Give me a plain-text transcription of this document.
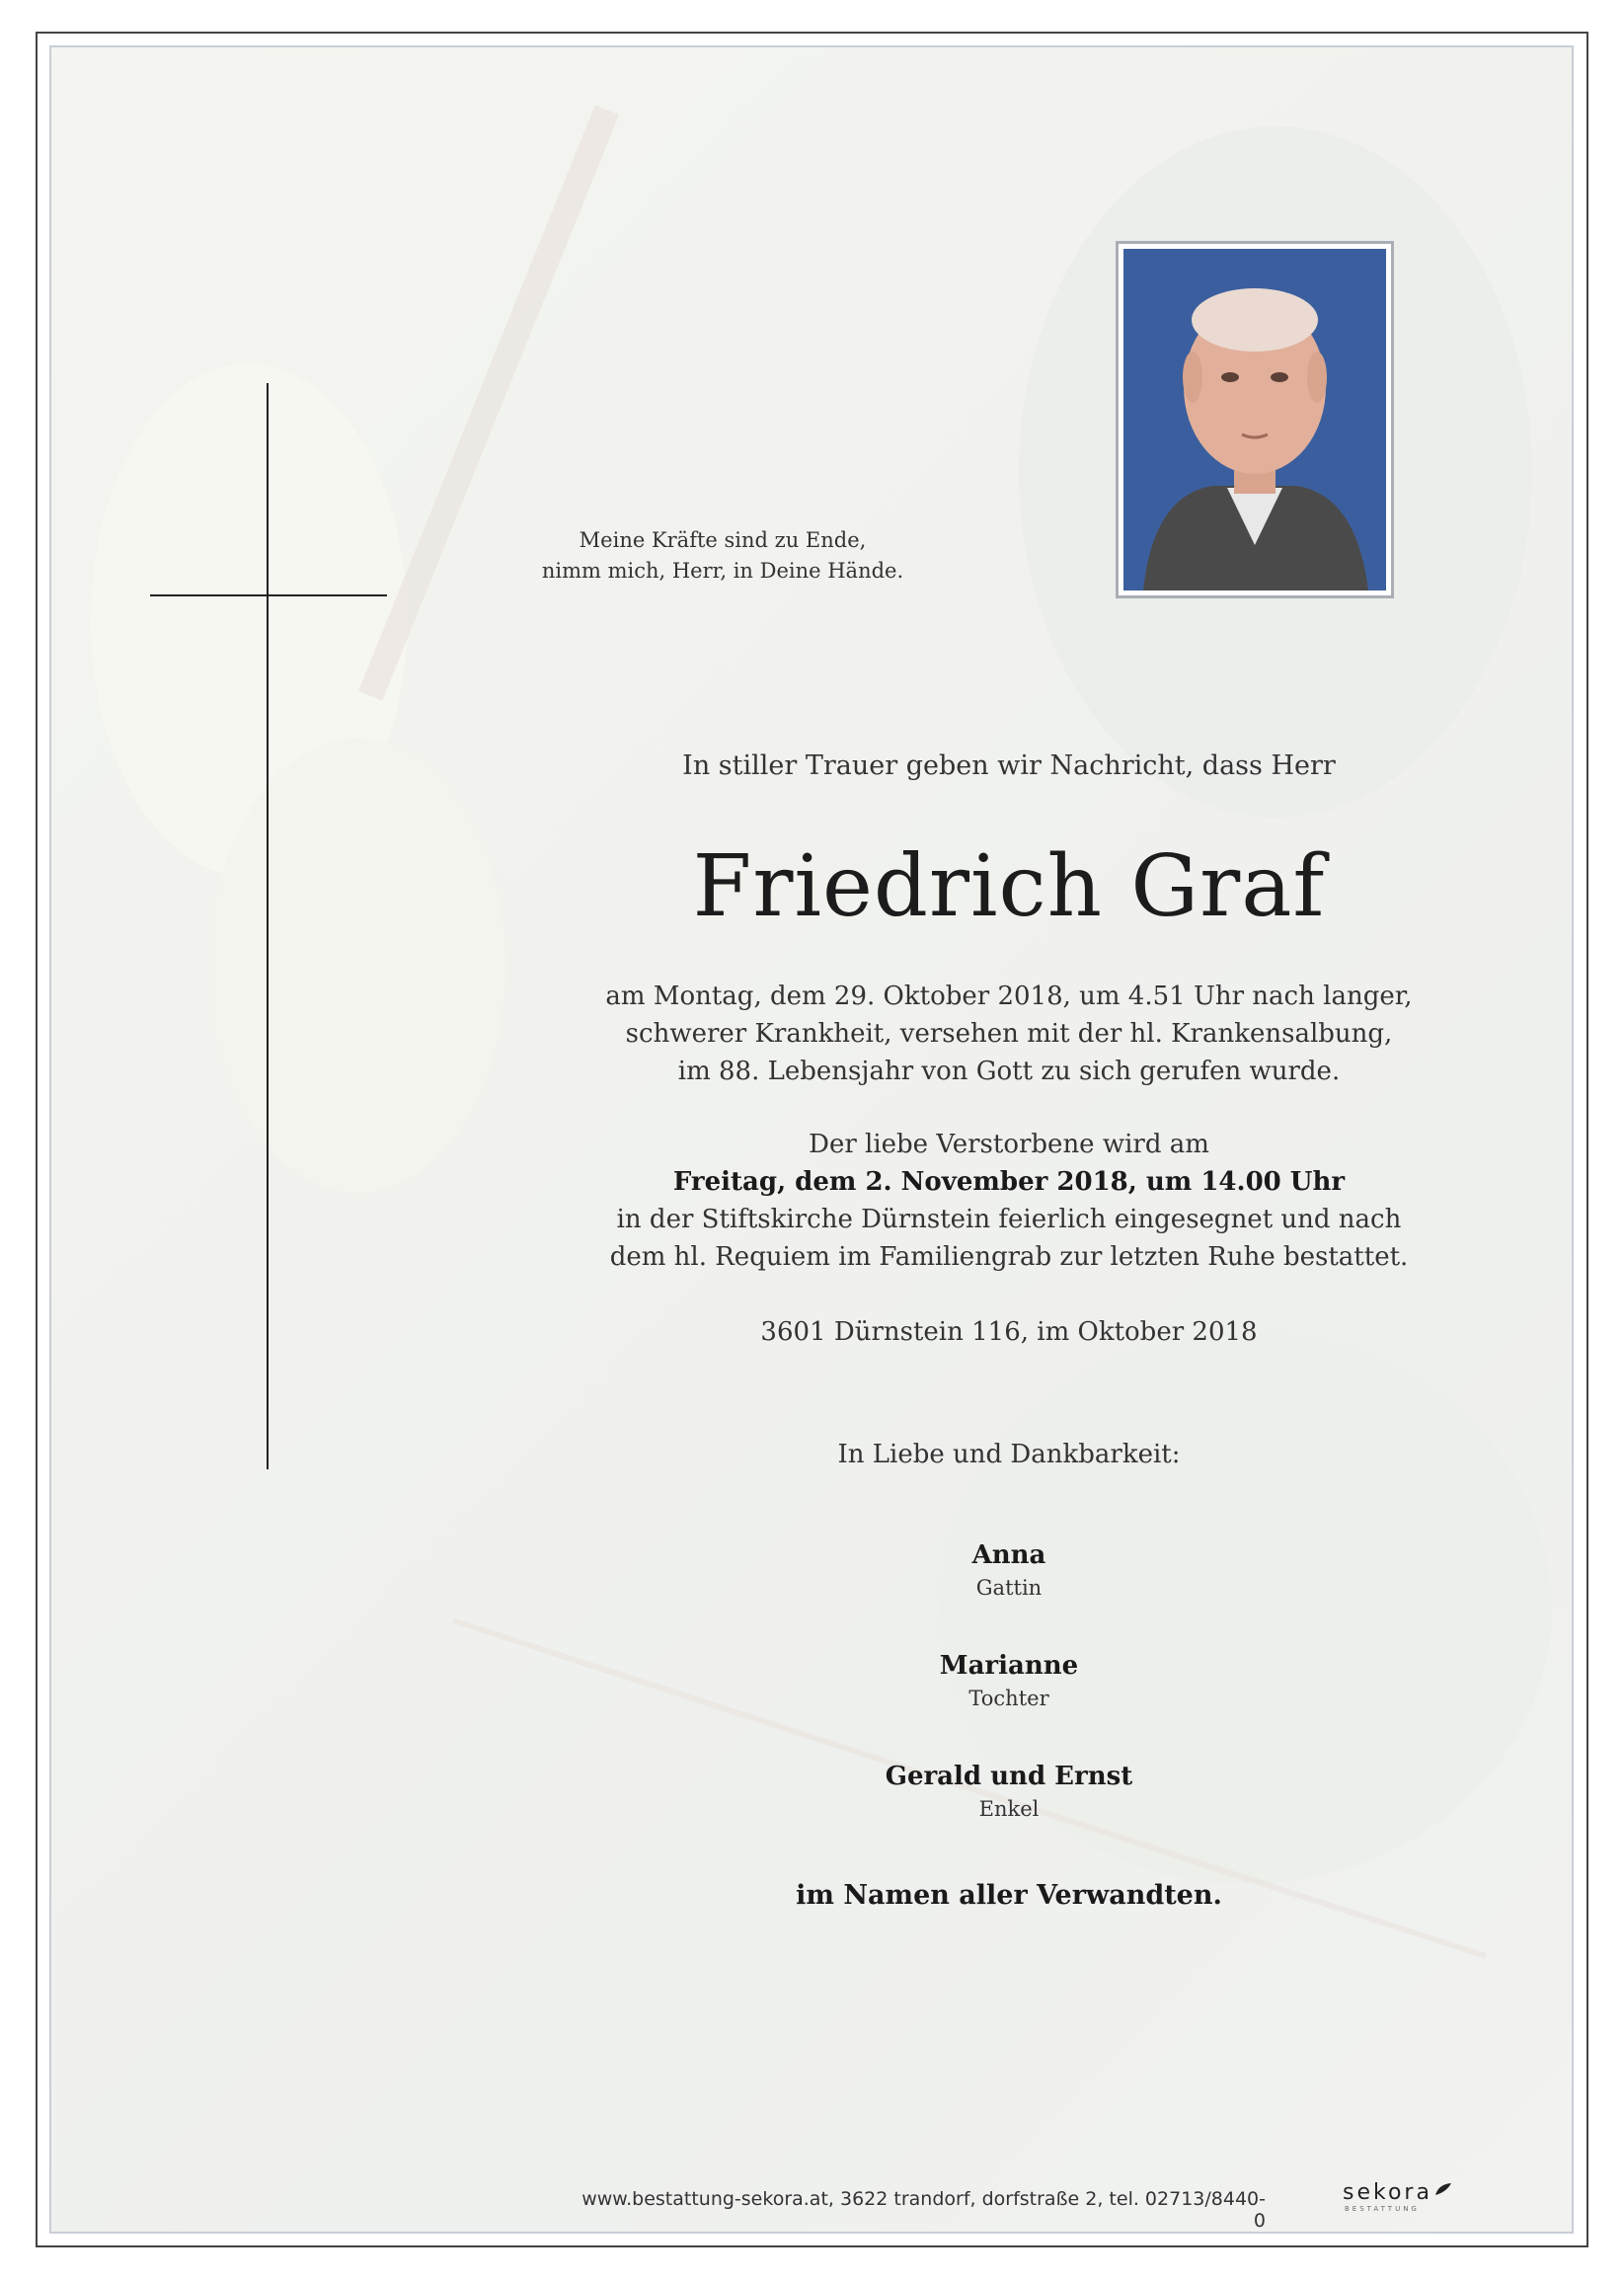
Meine Kräfte sind zu Ende,
nimm mich, Herr, in Deine Hände.
In stiller Trauer geben wir Nachricht, dass Herr
Friedrich Graf
am Montag, dem 29. Oktober 2018, um 4.51 Uhr nach langer,
schwerer Krankheit, versehen mit der hl. Krankensalbung,
im 88. Lebensjahr von Gott zu sich gerufen wurde.
Der liebe Verstorbene wird am
Freitag, dem 2. November 2018, um 14.00 Uhr
in der Stiftskirche Dürnstein feierlich eingesegnet und nach
dem hl. Requiem im Familiengrab zur letzten Ruhe bestattet.
3601 Dürnstein 116, im Oktober 2018
In Liebe und Dankbarkeit:
Anna
Gattin
Marianne
Tochter
Gerald und Ernst
Enkel
im Namen aller Verwandten.
www.bestattung-sekora.at, 3622 trandorf, dorfstraße 2, tel. 02713/8440-0
sekora
BESTATTUNG
